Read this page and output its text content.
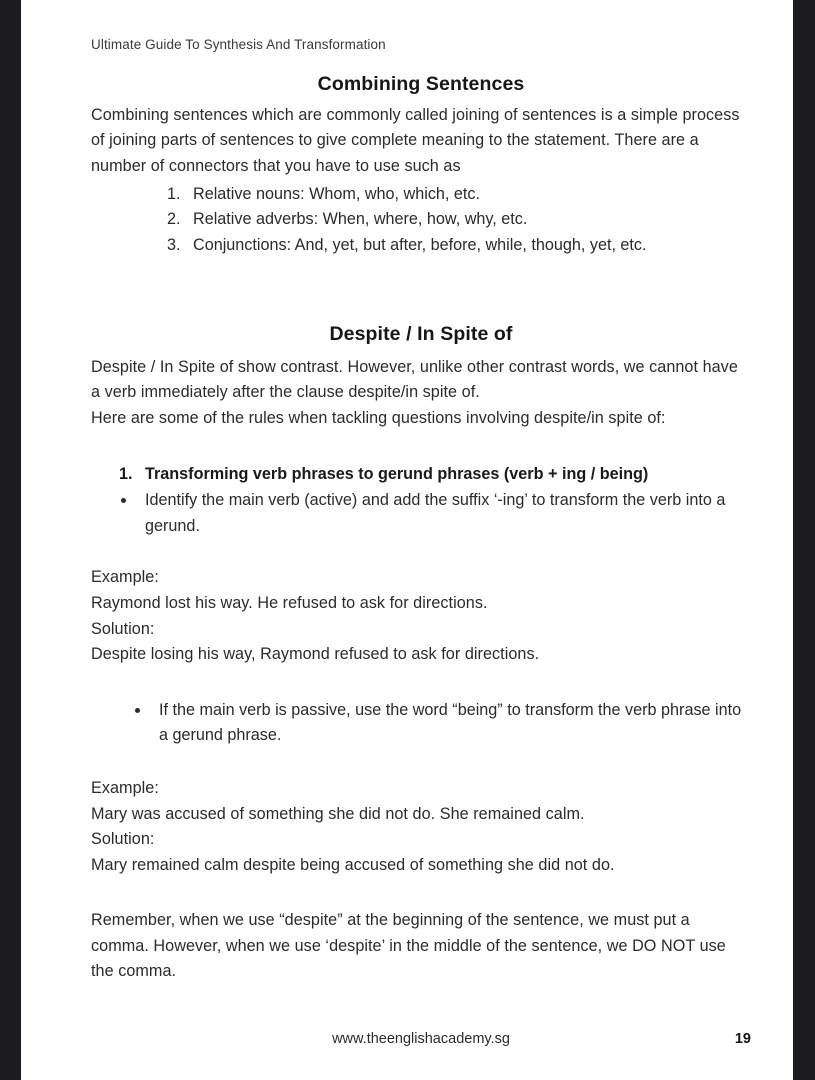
Ultimate Guide To Synthesis And Transformation

Combining Sentences

Combining sentences which are commonly called joining of sentences is a simple process of joining parts of sentences to give complete meaning to the statement. There are a number of connectors that you have to use such as

1. Relative nouns: Whom, who, which, etc.
2. Relative adverbs: When, where, how, why, etc.
3. Conjunctions: And, yet, but after, before, while, though, yet, etc.
Despite / In Spite of

Despite / In Spite of show contrast. However, unlike other contrast words, we cannot have a verb immediately after the clause despite/in spite of.

Here are some of the rules when tackling questions involving despite/in spite of:

1. Transforming verb phrases to gerund phrases (verb + ing / being)
• Identify the main verb (active) and add the suffix ‘-ing’ to transform the verb into a gerund.

Example:

Raymond lost his way. He refused to ask for directions.

Solution:

Despite losing his way, Raymond refused to ask for directions.

• If the main verb is passive, use the word “being” to transform the verb phrase into a gerund phrase.

Example:

Mary was accused of something she did not do. She remained calm.

Solution:

Mary remained calm despite being accused of something she did not do.

Remember, when we use “despite” at the beginning of the sentence, we must put a comma. However, when we use ‘despite’ in the middle of the sentence, we DO NOT use the comma.

www.theenglishacademy.sg	19
